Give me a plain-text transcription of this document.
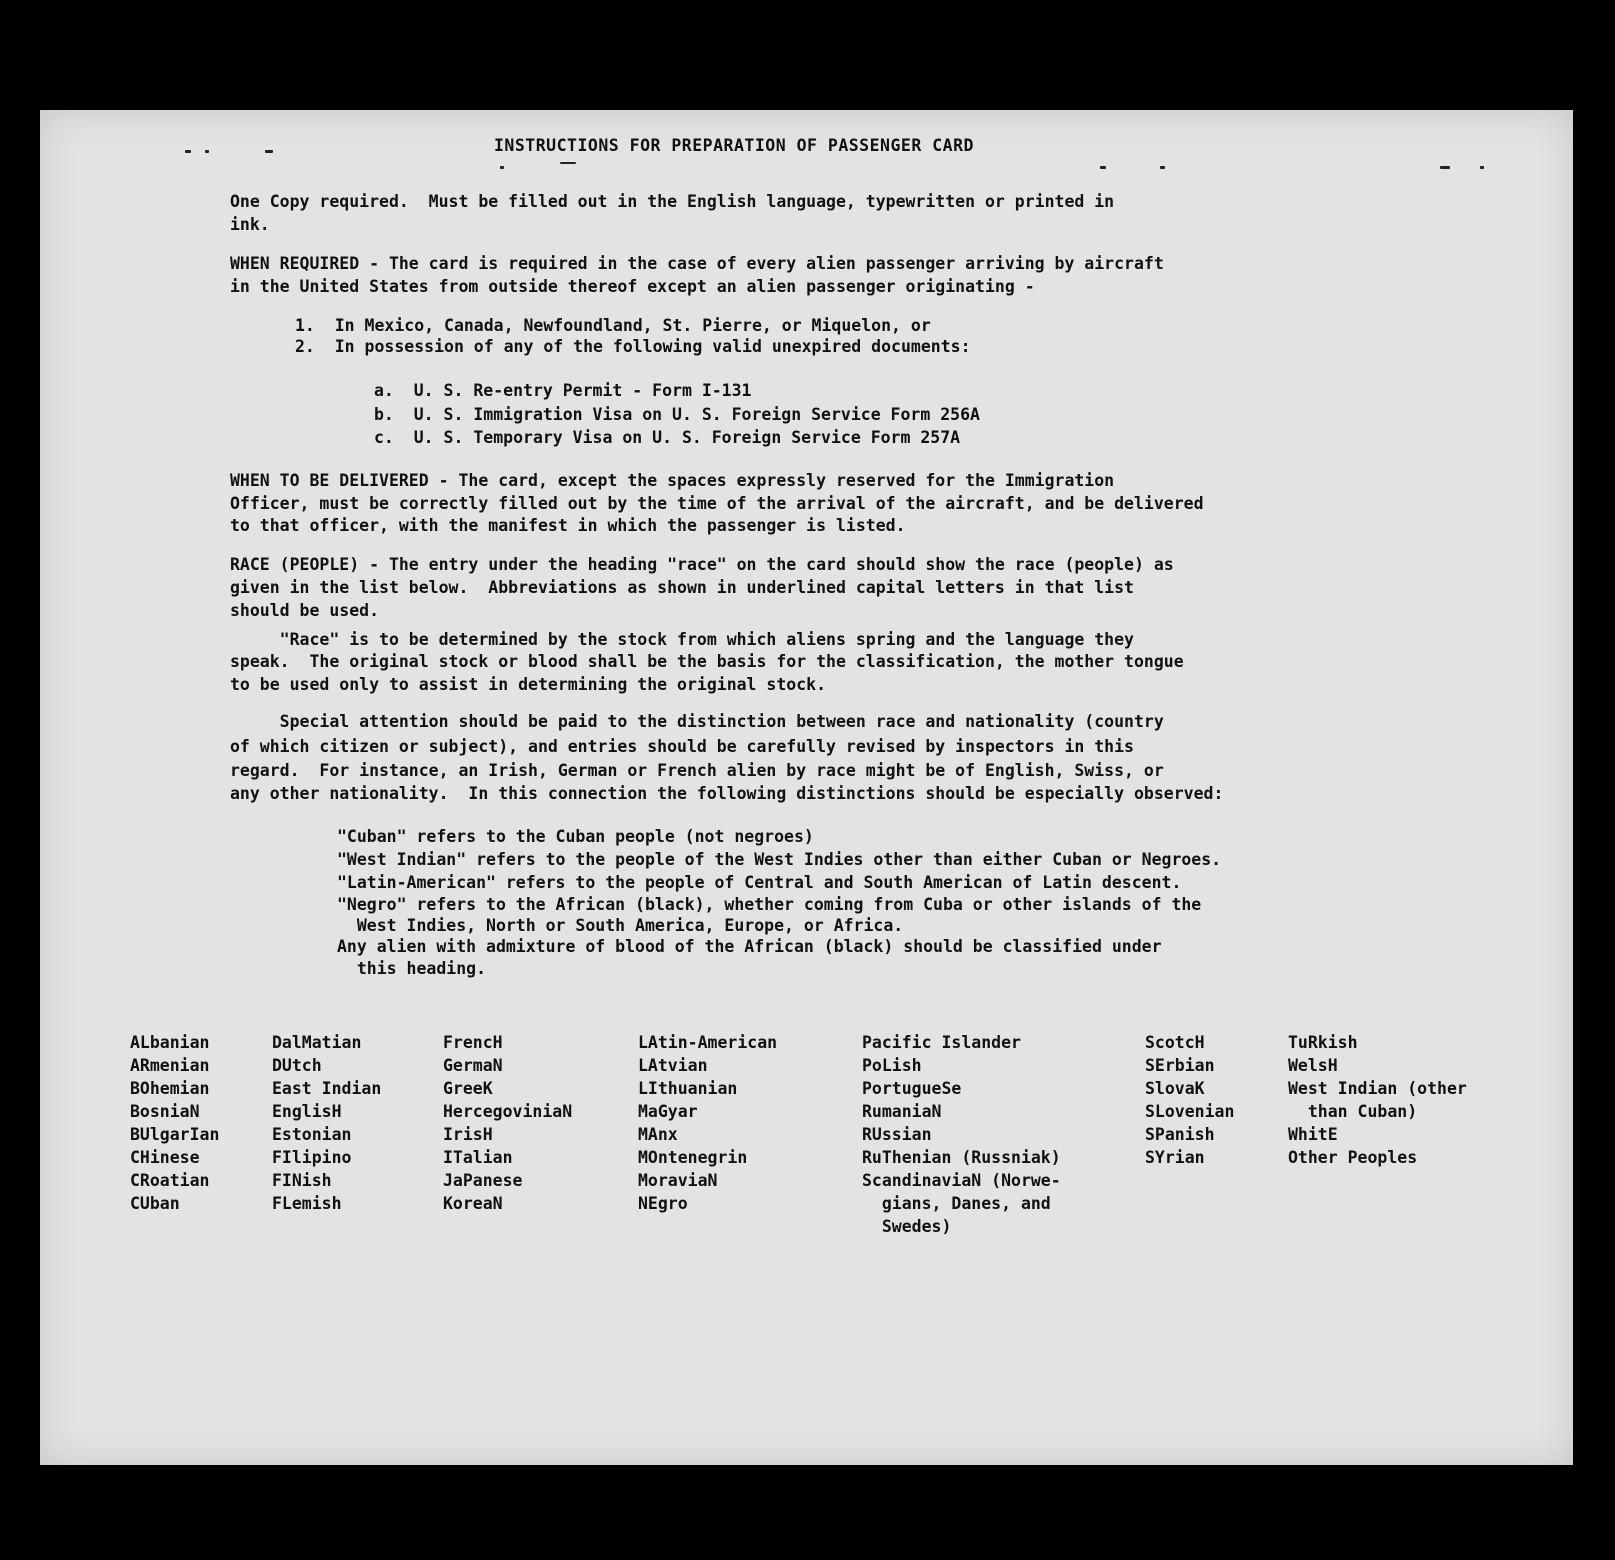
INSTRUCTIONS FOR PREPARATION OF PASSENGER CARD
One Copy required.  Must be filled out in the English language, typewritten or printed in
ink.
WHEN REQUIRED - The card is required in the case of every alien passenger arriving by aircraft
in the United States from outside thereof except an alien passenger originating -
1.  In Mexico, Canada, Newfoundland, St. Pierre, or Miquelon, or
2.  In possession of any of the following valid unexpired documents:
a.  U. S. Re-entry Permit - Form I-131
b.  U. S. Immigration Visa on U. S. Foreign Service Form 256A
c.  U. S. Temporary Visa on U. S. Foreign Service Form 257A
WHEN TO BE DELIVERED - The card, except the spaces expressly reserved for the Immigration
Officer, must be correctly filled out by the time of the arrival of the aircraft, and be delivered
to that officer, with the manifest in which the passenger is listed.
RACE (PEOPLE) - The entry under the heading "race" on the card should show the race (people) as
given in the list below.  Abbreviations as shown in underlined capital letters in that list
should be used.
"Race" is to be determined by the stock from which aliens spring and the language they
speak.  The original stock or blood shall be the basis for the classification, the mother tongue
to be used only to assist in determining the original stock.
Special attention should be paid to the distinction between race and nationality (country
of which citizen or subject), and entries should be carefully revised by inspectors in this
regard.  For instance, an Irish, German or French alien by race might be of English, Swiss, or
any other nationality.  In this connection the following distinctions should be especially observed:
"Cuban" refers to the Cuban people (not negroes)
"West Indian" refers to the people of the West Indies other than either Cuban or Negroes.
"Latin-American" refers to the people of Central and South American of Latin descent.
"Negro" refers to the African (black), whether coming from Cuba or other islands of the
West Indies, North or South America, Europe, or Africa.
Any alien with admixture of blood of the African (black) should be classified under
this heading.
ALbanian
ARmenian
BOhemian
BosniaN
BUlgarIan
CHinese
CRoatian
CUban
DalMatian
DUtch
East Indian
EnglisH
Estonian
FIlipino
FINish
FLemish
FrencH
GermaN
GreeK
HercegoviniaN
IrisH
ITalian
JaPanese
KoreaN
LAtin-American
LAtvian
LIthuanian
MaGyar
MAnx
MOntenegrin
MoraviaN
NEgro
Pacific Islander
PoLish
PortugueSe
RumaniaN
RUssian
RuThenian (Russniak)
ScandinaviaN (Norwe-
gians, Danes, and
Swedes)
ScotcH
SErbian
SlovaK
SLovenian
SPanish
SYrian
TuRkish
WelsH
West Indian (other
than Cuban)
WhitE
Other Peoples
